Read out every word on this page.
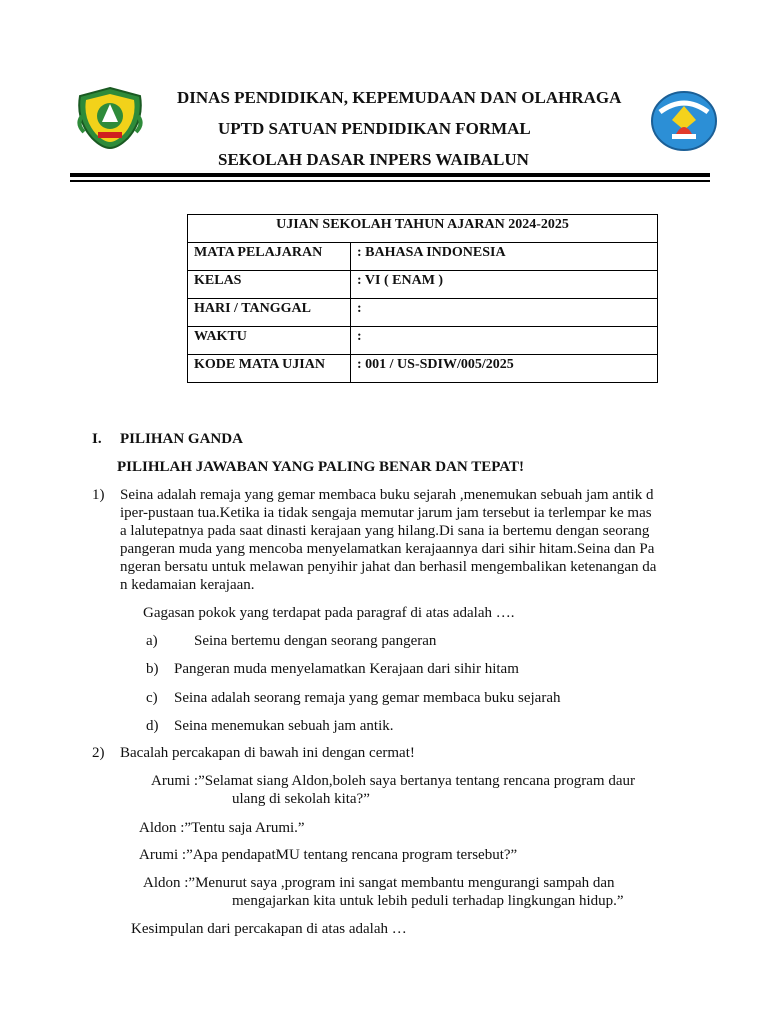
DINAS PENDIDIKAN, KEPEMUDAAN DAN OLAHRAGA
UPTD SATUAN PENDIDIKAN FORMAL
SEKOLAH DASAR INPERS WAIBALUN
UJIAN SEKOLAH TAHUN AJARAN 2024-2025	
MATA PELAJARAN	: BAHASA INDONESIA
KELAS	: VI ( ENAM )
HARI / TANGGAL	:
WAKTU	:
KODE MATA UJIAN	: 001 / US-SDIW/005/2025
I. PILIHAN GANDA
PILIHLAH JAWABAN YANG PALING BENAR DAN TEPAT!
1) Seina adalah remaja yang gemar membaca buku sejarah ,menemukan sebuah jam antik d
iper-pustaan tua.Ketika ia tidak sengaja memutar jarum jam tersebut ia terlempar ke mas
a lalutepatnya pada saat dinasti kerajaan yang hilang.Di sana ia bertemu dengan seorang
pangeran muda yang mencoba menyelamatkan kerajaannya dari sihir hitam.Seina dan Pa
ngeran bersatu untuk melawan penyihir jahat dan berhasil mengembalikan ketenangan da
n kedamaian kerajaan.
Gagasan pokok yang terdapat pada paragraf di atas adalah ….
a) Seina bertemu dengan seorang pangeran
b) Pangeran muda menyelamatkan Kerajaan dari sihir hitam
c) Seina adalah seorang remaja yang gemar membaca buku sejarah
d) Seina menemukan sebuah jam antik.
2) Bacalah percakapan di bawah ini dengan cermat!
Arumi :”Selamat siang Aldon,boleh saya bertanya tentang rencana program daur
ulang di sekolah kita?”
Aldon :”Tentu saja Arumi.”
Arumi :”Apa pendapatMU tentang rencana program tersebut?”
Aldon :”Menurut saya ,program ini sangat membantu mengurangi sampah dan
mengajarkan kita untuk lebih peduli terhadap lingkungan hidup.”
Kesimpulan dari percakapan di atas adalah …
